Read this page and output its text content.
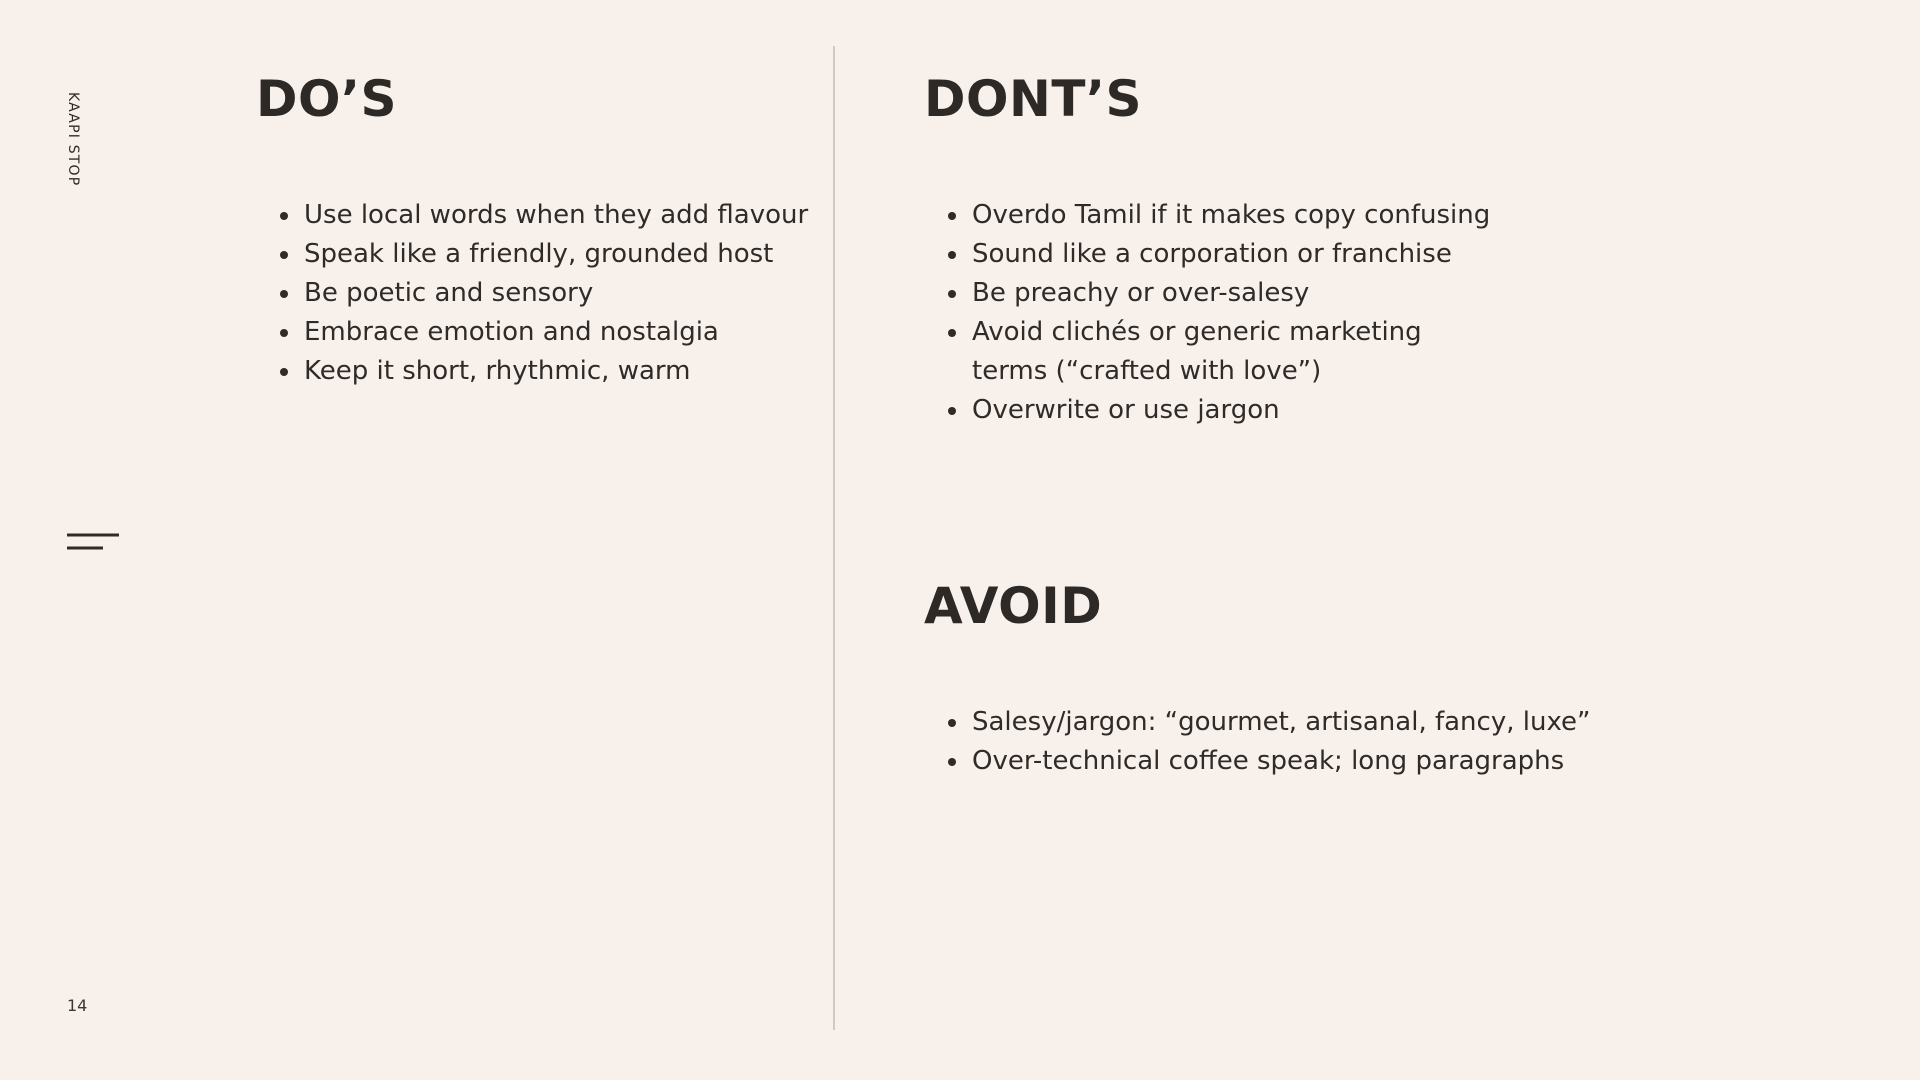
KAAPI STOP
14
DO’S
Use local words when they add flavour
Speak like a friendly, grounded host
Be poetic and sensory
Embrace emotion and nostalgia
Keep it short, rhythmic, warm
DONT’S
Overdo Tamil if it makes copy confusing
Sound like a corporation or franchise
Be preachy or over-salesy
Avoid clichés or generic marketing terms (“crafted with love”)
Overwrite or use jargon
AVOID
Salesy/jargon: “gourmet, artisanal, fancy, luxe”
Over-technical coffee speak; long paragraphs
